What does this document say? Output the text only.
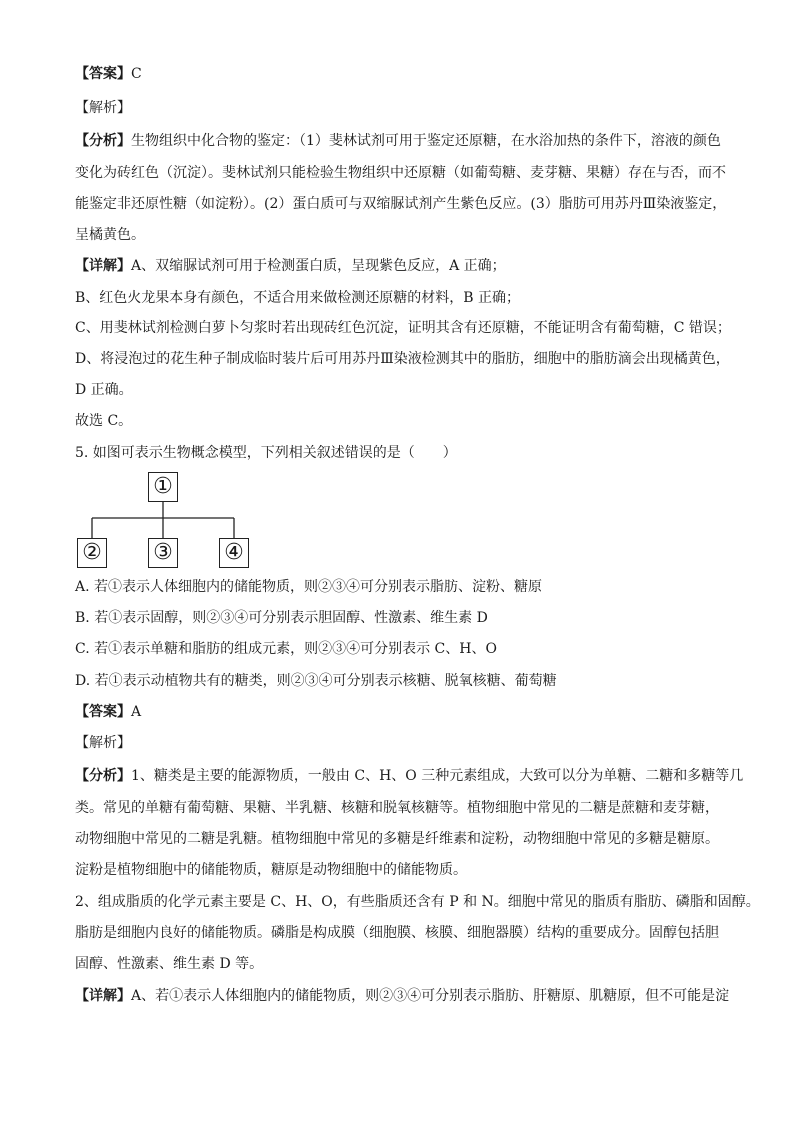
【答案】C
【解析】
【分析】生物组织中化合物的鉴定：（1）斐林试剂可用于鉴定还原糖，在水浴加热的条件下，溶液的颜色
变化为砖红色（沉淀）。斐林试剂只能检验生物组织中还原糖（如葡萄糖、麦芽糖、果糖）存在与否，而不
能鉴定非还原性糖（如淀粉）。(2）蛋白质可与双缩脲试剂产生紫色反应。(3）脂肪可用苏丹Ⅲ染液鉴定，
呈橘黄色。
【详解】A、双缩脲试剂可用于检测蛋白质，呈现紫色反应，A 正确；
B、红色火龙果本身有颜色，不适合用来做检测还原糖的材料，B 正确；
C、用斐林试剂检测白萝卜匀浆时若出现砖红色沉淀，证明其含有还原糖，不能证明含有葡萄糖，C 错误；
D、将浸泡过的花生种子制成临时装片后可用苏丹Ⅲ染液检测其中的脂肪，细胞中的脂肪滴会出现橘黄色，
D 正确。
故选 C。
5. 如图可表示生物概念模型，下列相关叙述错误的是（　　）
①
② ③ ④
A. 若①表示人体细胞内的储能物质，则②③④可分别表示脂肪、淀粉、糖原
B. 若①表示固醇，则②③④可分别表示胆固醇、性激素、维生素 D
C. 若①表示单糖和脂肪的组成元素，则②③④可分别表示 C、H、O
D. 若①表示动植物共有的糖类，则②③④可分别表示核糖、脱氧核糖、葡萄糖
【答案】A
【解析】
【分析】1、糖类是主要的能源物质，一般由 C、H、O 三种元素组成，大致可以分为单糖、二糖和多糖等几
类。常见的单糖有葡萄糖、果糖、半乳糖、核糖和脱氧核糖等。植物细胞中常见的二糖是蔗糖和麦芽糖，
动物细胞中常见的二糖是乳糖。植物细胞中常见的多糖是纤维素和淀粉，动物细胞中常见的多糖是糖原。
淀粉是植物细胞中的储能物质，糖原是动物细胞中的储能物质。
2、组成脂质的化学元素主要是 C、H、O，有些脂质还含有 P 和 N。细胞中常见的脂质有脂肪、磷脂和固醇。
脂肪是细胞内良好的储能物质。磷脂是构成膜（细胞膜、核膜、细胞器膜）结构的重要成分。固醇包括胆
固醇、性激素、维生素 D 等。
【详解】A、若①表示人体细胞内的储能物质，则②③④可分别表示脂肪、肝糖原、肌糖原，但不可能是淀
